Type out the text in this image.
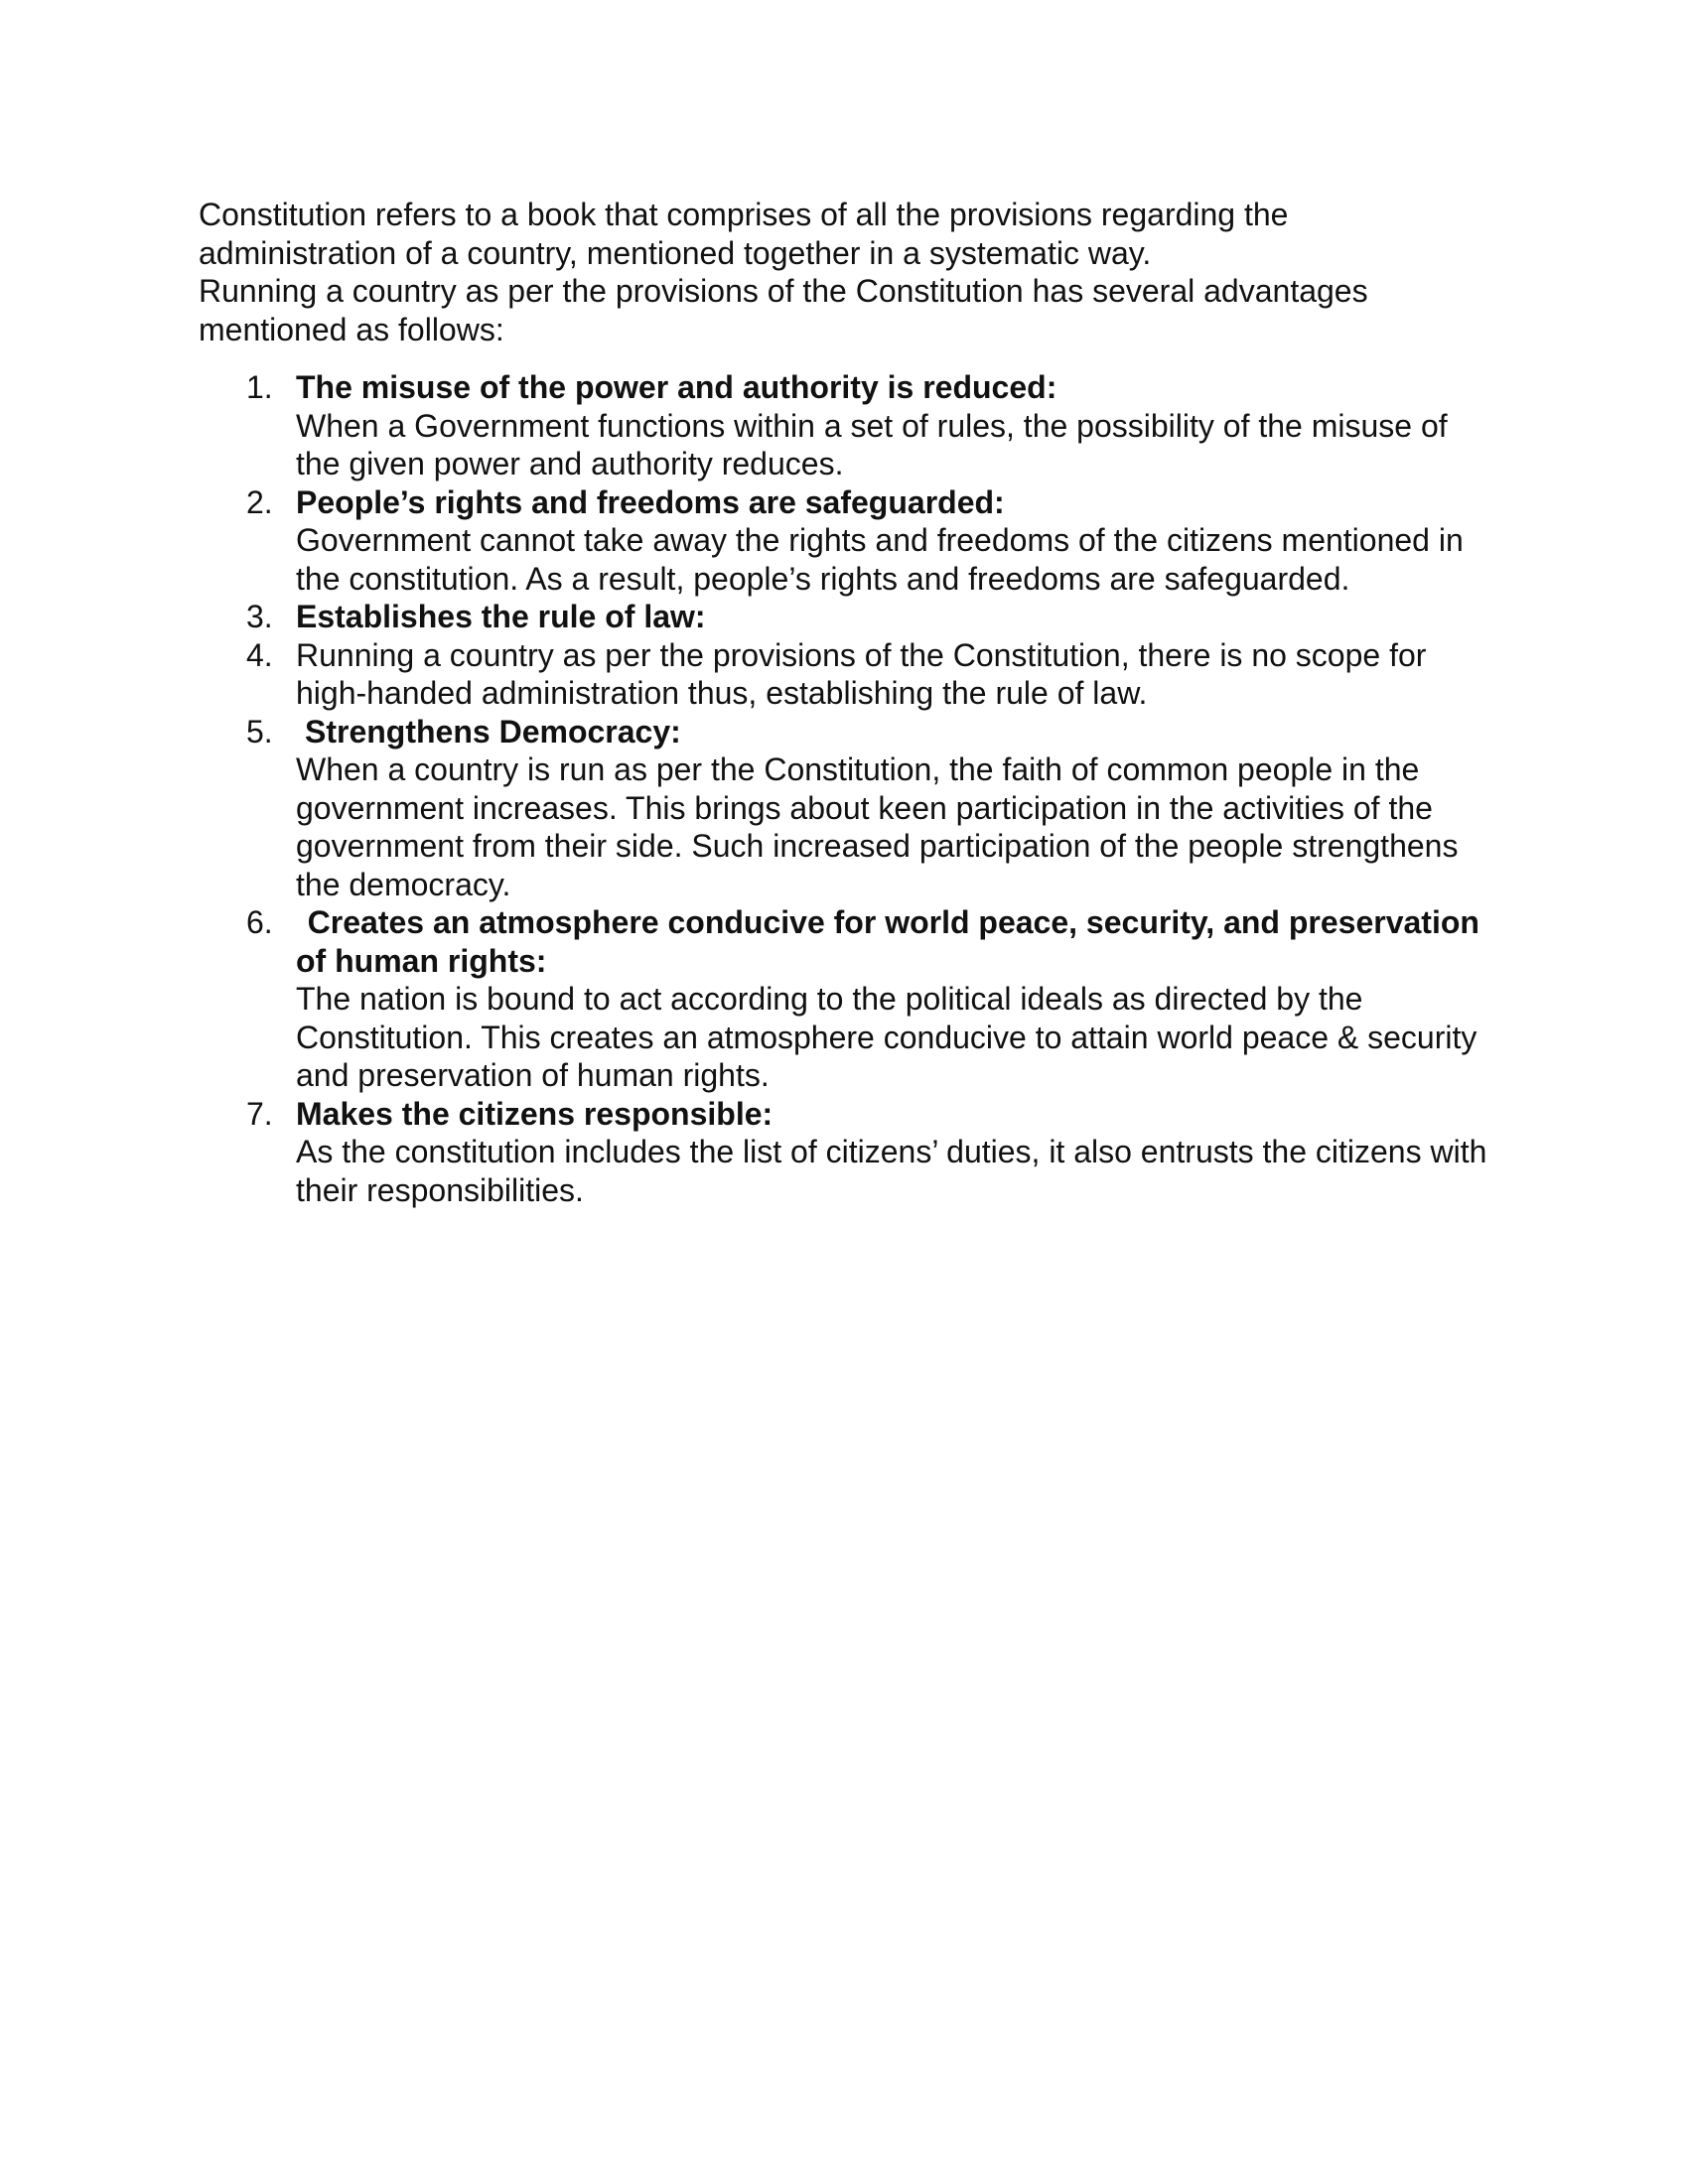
Constitution refers to a book that comprises of all the provisions regarding the administration of a country, mentioned together in a systematic way.

Running a country as per the provisions of the Constitution has several advantages mentioned as follows:

1. The misuse of the power and authority is reduced:
When a Government functions within a set of rules, the possibility of the misuse of the given power and authority reduces.
2. People’s rights and freedoms are safeguarded:
Government cannot take away the rights and freedoms of the citizens mentioned in the constitution. As a result, people’s rights and freedoms are safeguarded.
3. Establishes the rule of law:
4. Running a country as per the provisions of the Constitution, there is no scope for high-handed administration thus, establishing the rule of law.
5. Strengthens Democracy:
When a country is run as per the Constitution, the faith of common people in the government increases. This brings about keen participation in the activities of the government from their side. Such increased participation of the people strengthens the democracy.
6.
 	Creates an atmosphere conducive for world peace, security, and preservation of human rights:
The nation is bound to act according to the political ideals as directed by the Constitution. This creates an atmosphere conducive to attain world peace & security and preservation of human rights.
7. Makes the citizens responsible:
As the constitution includes the list of citizens’ duties, it also entrusts the citizens with their responsibilities.
